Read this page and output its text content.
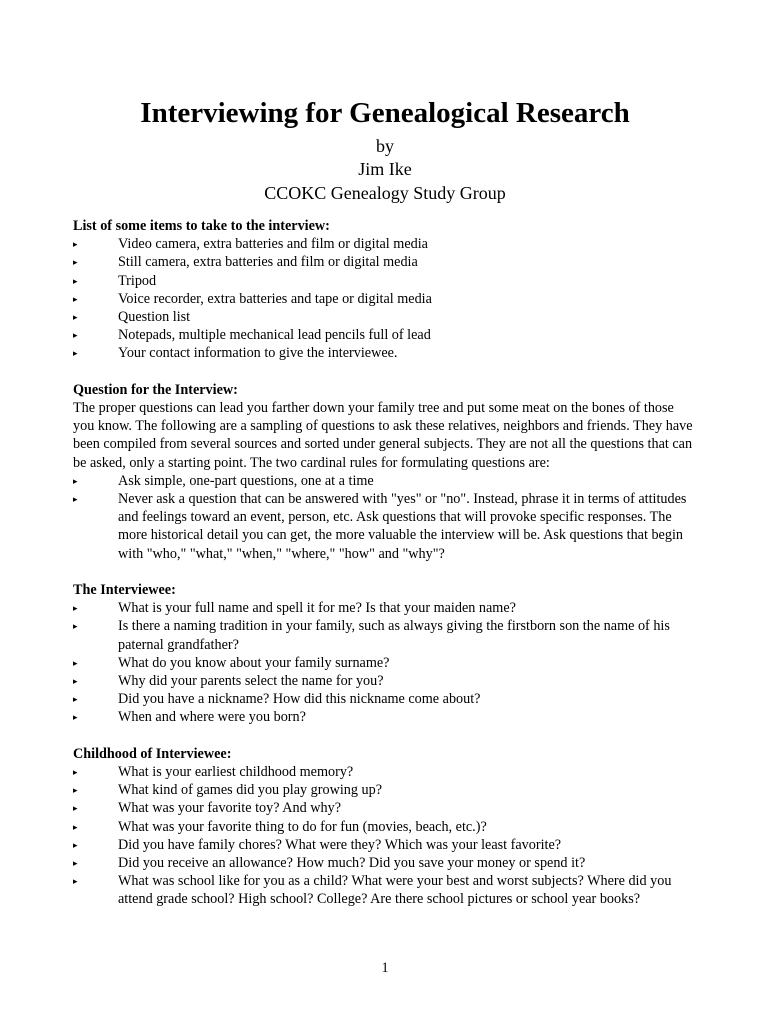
Interviewing for Genealogical Research
by
Jim Ike
CCOKC Genealogy Study Group
List of some items to take to the interview:
▸	Video camera, extra batteries and film or digital media
▸	Still camera, extra batteries and film or digital media
▸	Tripod
▸	Voice recorder, extra batteries and tape or digital media
▸	Question list
▸	Notepads, multiple mechanical lead pencils full of lead
▸	Your contact information to give the interviewee.
Question for the Interview:
The proper questions can lead you farther down your family tree and put some meat on the bones of those you know. The following are a sampling of questions to ask these relatives, neighbors and friends. They have been compiled from several sources and sorted under general subjects. They are not all the questions that can be asked, only a starting point. The two cardinal rules for formulating questions are:
▸	Ask simple, one-part questions, one at a time
▸	Never ask a question that can be answered with "yes" or "no". Instead, phrase it in terms of attitudes and feelings toward an event, person, etc. Ask questions that will provoke specific responses. The more historical detail you can get, the more valuable the interview will be. Ask questions that begin with "who," "what," "when," "where," "how" and "why"?
The Interviewee:
▸	What is your full name and spell it for me? Is that your maiden name?
▸	Is there a naming tradition in your family, such as always giving the firstborn son the name of his paternal grandfather?
▸	What do you know about your family surname?
▸	Why did your parents select the name for you?
▸	Did you have a nickname? How did this nickname come about?
▸	When and where were you born?
Childhood of Interviewee:
▸	What is your earliest childhood memory?
▸	What kind of games did you play growing up?
▸	What was your favorite toy? And why?
▸	What was your favorite thing to do for fun (movies, beach, etc.)?
▸	Did you have family chores? What were they? Which was your least favorite?
▸	Did you receive an allowance? How much? Did you save your money or spend it?
▸	What was school like for you as a child? What were your best and worst subjects? Where did you attend grade school? High school? College? Are there school pictures or school year books?
1
